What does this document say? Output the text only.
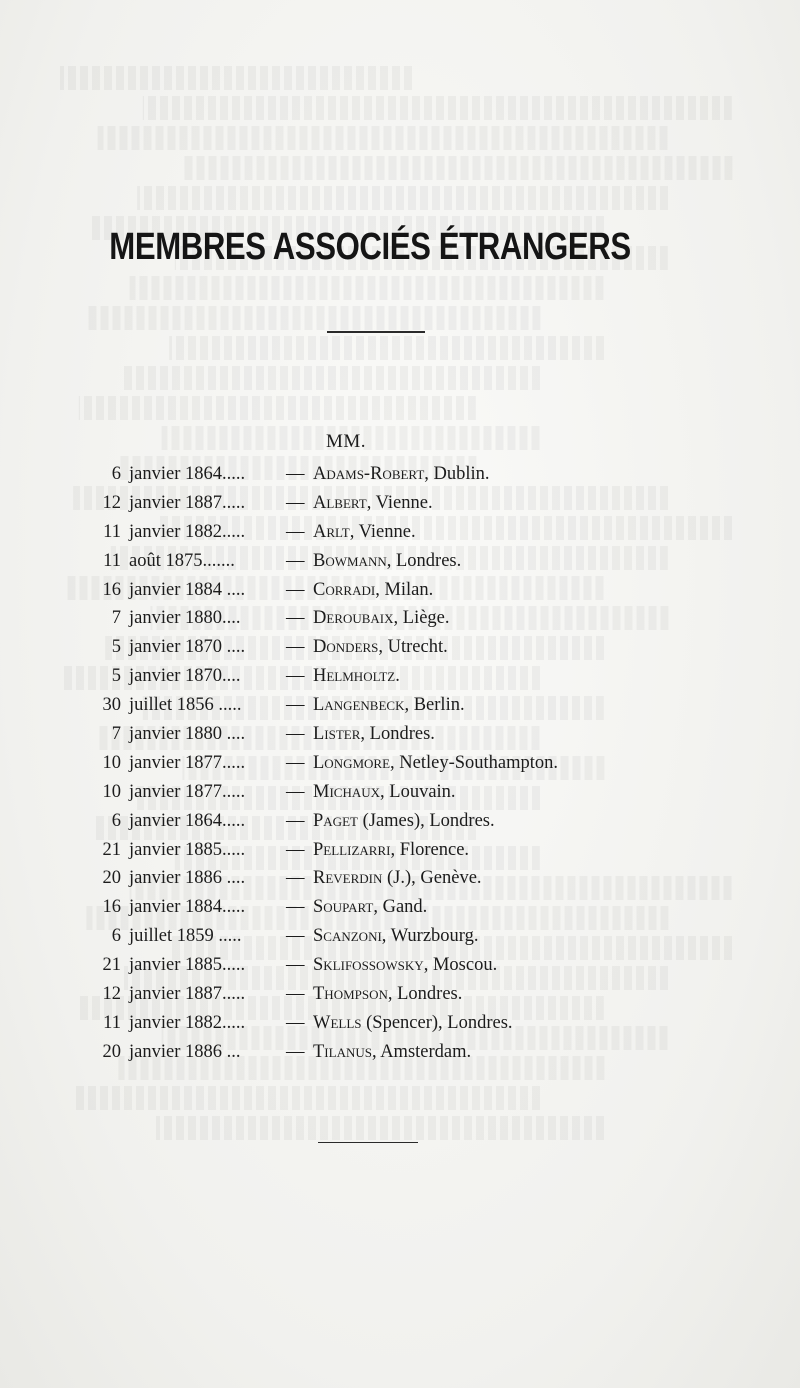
MEMBRES ASSOCIÉS ÉTRANGERS
MM.
6 janvier 1864..... — Adams-Robert, Dublin.
12 janvier 1887..... — Albert, Vienne.
11 janvier 1882..... — Arlt, Vienne.
11 août 1875.......	— Bowmann, Londres.
16 janvier 1884 .... — Corradi, Milan.
7 janvier 1880.... — Deroubaix, Liège.
5 janvier 1870 .... — Donders, Utrecht.
5 janvier 1870.... — Helmholtz.
30 juillet 1856 ..... — Langenbeck, Berlin.
7 janvier 1880 .... — Lister, Londres.
10 janvier 1877..... — Longmore, Netley-Southampton.
10 janvier 1877..... — Michaux, Louvain.
6 janvier 1864..... — Paget (James), Londres.
21 janvier 1885..... — Pellizarri, Florence.
20 janvier 1886 .... — Reverdin (J.), Genève.
16 janvier 1884..... — Soupart, Gand.
6 juillet 1859 ..... — Scanzoni, Wurzbourg.
21 janvier 1885..... — Sklifossowsky, Moscou.
12 janvier 1887..... — Thompson, Londres.
11 janvier 1882..... — Wells (Spencer), Londres.
20 janvier 1886 ... — Tilanus, Amsterdam.
